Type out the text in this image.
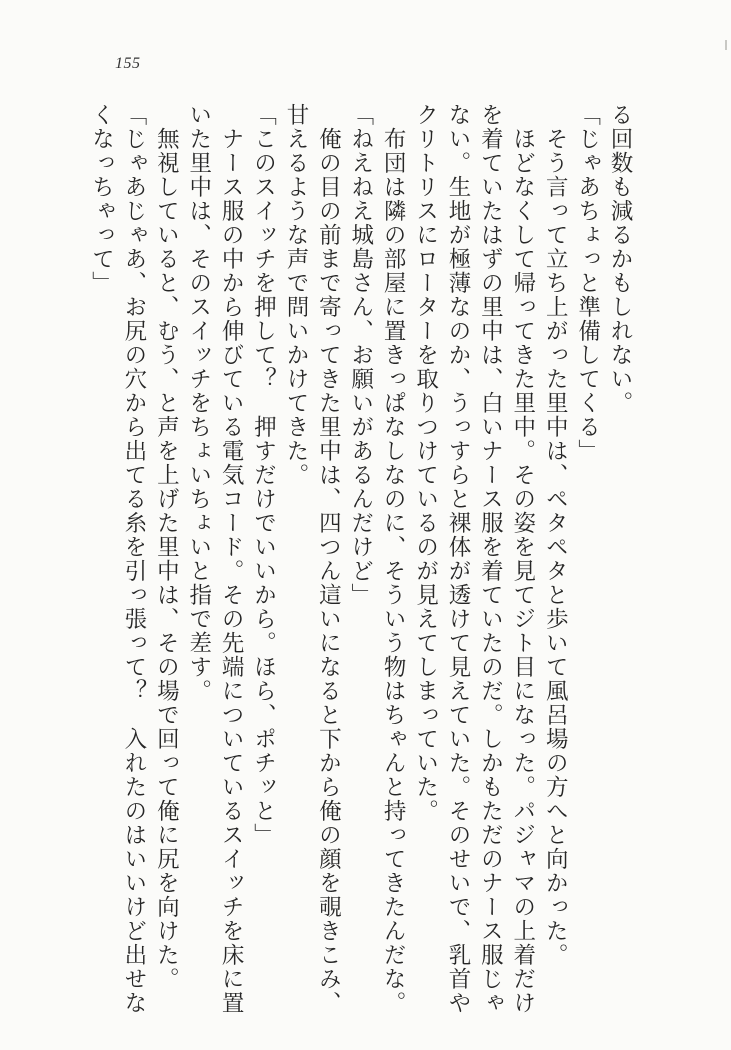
155
る回数も減るかもしれない。
「じゃあちょっと準備してくる」
　そう言って立ち上がった里中は、ペタペタと歩いて風呂場の方へと向かった。
　ほどなくして帰ってきた里中。その姿を見てジト目になった。パジャマの上着だけ
を着ていたはずの里中は、白いナース服を着ていたのだ。しかもただのナース服じゃ
ない。生地が極薄なのか、うっすらと裸体が透けて見えていた。そのせいで、乳首や
クリトリスにローターを取りつけているのが見えてしまっていた。
　布団は隣の部屋に置きっぱなしなのに、そういう物はちゃんと持ってきたんだな。
「ねえねえ城島さん、お願いがあるんだけど」
　俺の目の前まで寄ってきた里中は、四つん這いになると下から俺の顔を覗きこみ、
甘えるような声で問いかけてきた。
「このスイッチを押して？　押すだけでいいから。ほら、ポチッと」
　ナース服の中から伸びている電気コード。その先端についているスイッチを床に置
いた里中は、そのスイッチをちょいちょいと指で差す。
　無視していると、むう、と声を上げた里中は、その場で回って俺に尻を向けた。
「じゃあじゃあ、お尻の穴から出てる糸を引っ張って？　入れたのはいいけど出せな
くなっちゃって」
